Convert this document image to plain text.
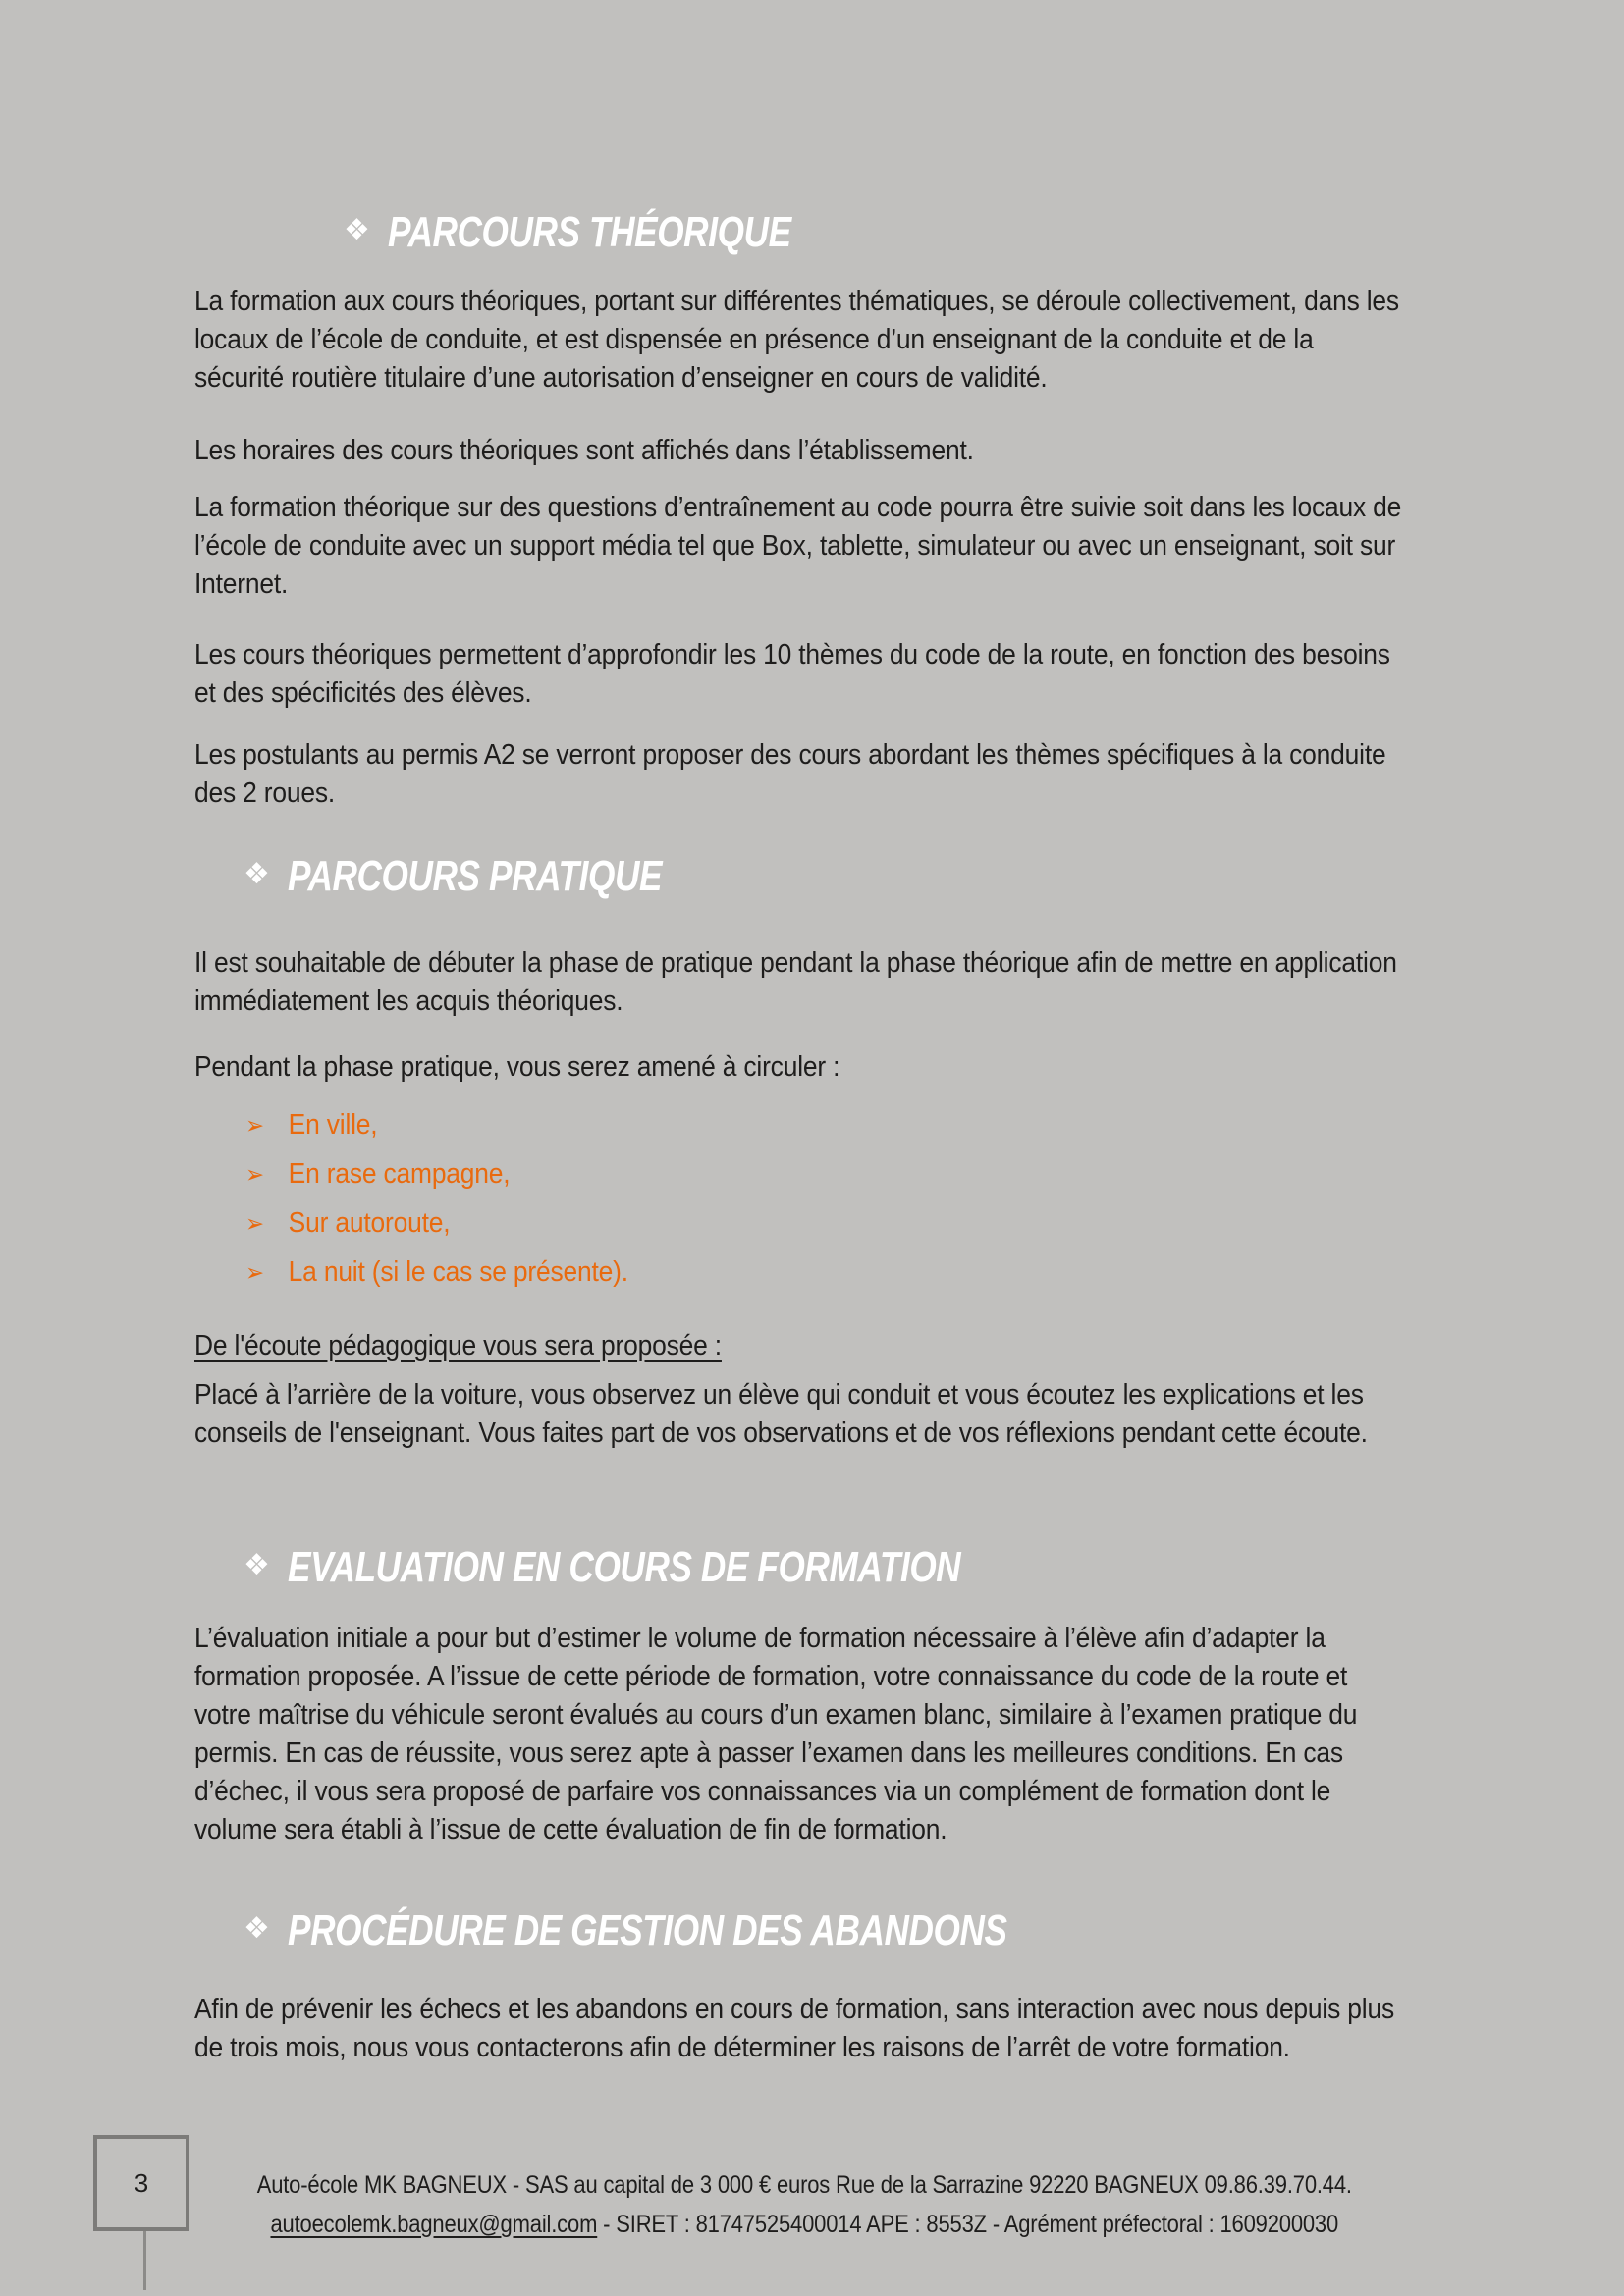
❖ PARCOURS THÉORIQUE

La formation aux cours théoriques, portant sur différentes thématiques, se déroule collectivement, dans les locaux de l’école de conduite, et est dispensée en présence d’un enseignant de la conduite et de la sécurité routière titulaire d’une autorisation d’enseigner en cours de validité.

Les horaires des cours théoriques sont affichés dans l’établissement.

La formation théorique sur des questions d’entraînement au code pourra être suivie soit dans les locaux de l’école de conduite avec un support média tel que Box, tablette, simulateur ou avec un enseignant, soit sur Internet.

Les cours théoriques permettent d’approfondir les 10 thèmes du code de la route, en fonction des besoins et des spécificités des élèves.

Les postulants au permis A2 se verront proposer des cours abordant les thèmes spécifiques à la conduite des 2 roues.

❖ PARCOURS PRATIQUE

Il est souhaitable de débuter la phase de pratique pendant la phase théorique afin de mettre en application immédiatement les acquis théoriques.

Pendant la phase pratique, vous serez amené à circuler :

➢ En ville,
➢ En rase campagne,
➢ Sur autoroute,
➢ La nuit (si le cas se présente).

De l'écoute pédagogique vous sera proposée :

Placé à l’arrière de la voiture, vous observez un élève qui conduit et vous écoutez les explications et les conseils de l'enseignant. Vous faites part de vos observations et de vos réflexions pendant cette écoute.

❖ EVALUATION EN COURS DE FORMATION

L’évaluation initiale a pour but d’estimer le volume de formation nécessaire à l’élève afin d’adapter la formation proposée. A l’issue de cette période de formation, votre connaissance du code de la route et votre maîtrise du véhicule seront évalués au cours d’un examen blanc, similaire à l’examen pratique du permis. En cas de réussite, vous serez apte à passer l’examen dans les meilleures conditions. En cas d’échec, il vous sera proposé de parfaire vos connaissances via un complément de formation dont le volume sera établi à l’issue de cette évaluation de fin de formation.

❖ PROCÉDURE DE GESTION DES ABANDONS

Afin de prévenir les échecs et les abandons en cours de formation, sans interaction avec nous depuis plus de trois mois, nous vous contacterons afin de déterminer les raisons de l’arrêt de votre formation.

3	Auto-école MK BAGNEUX - SAS au capital de 3 000 € euros Rue de la Sarrazine 92220 BAGNEUX 09.86.39.70.44.
autoecolemk.bagneux@gmail.com - SIRET : 81747525400014 APE : 8553Z - Agrément préfectoral : 1609200030
